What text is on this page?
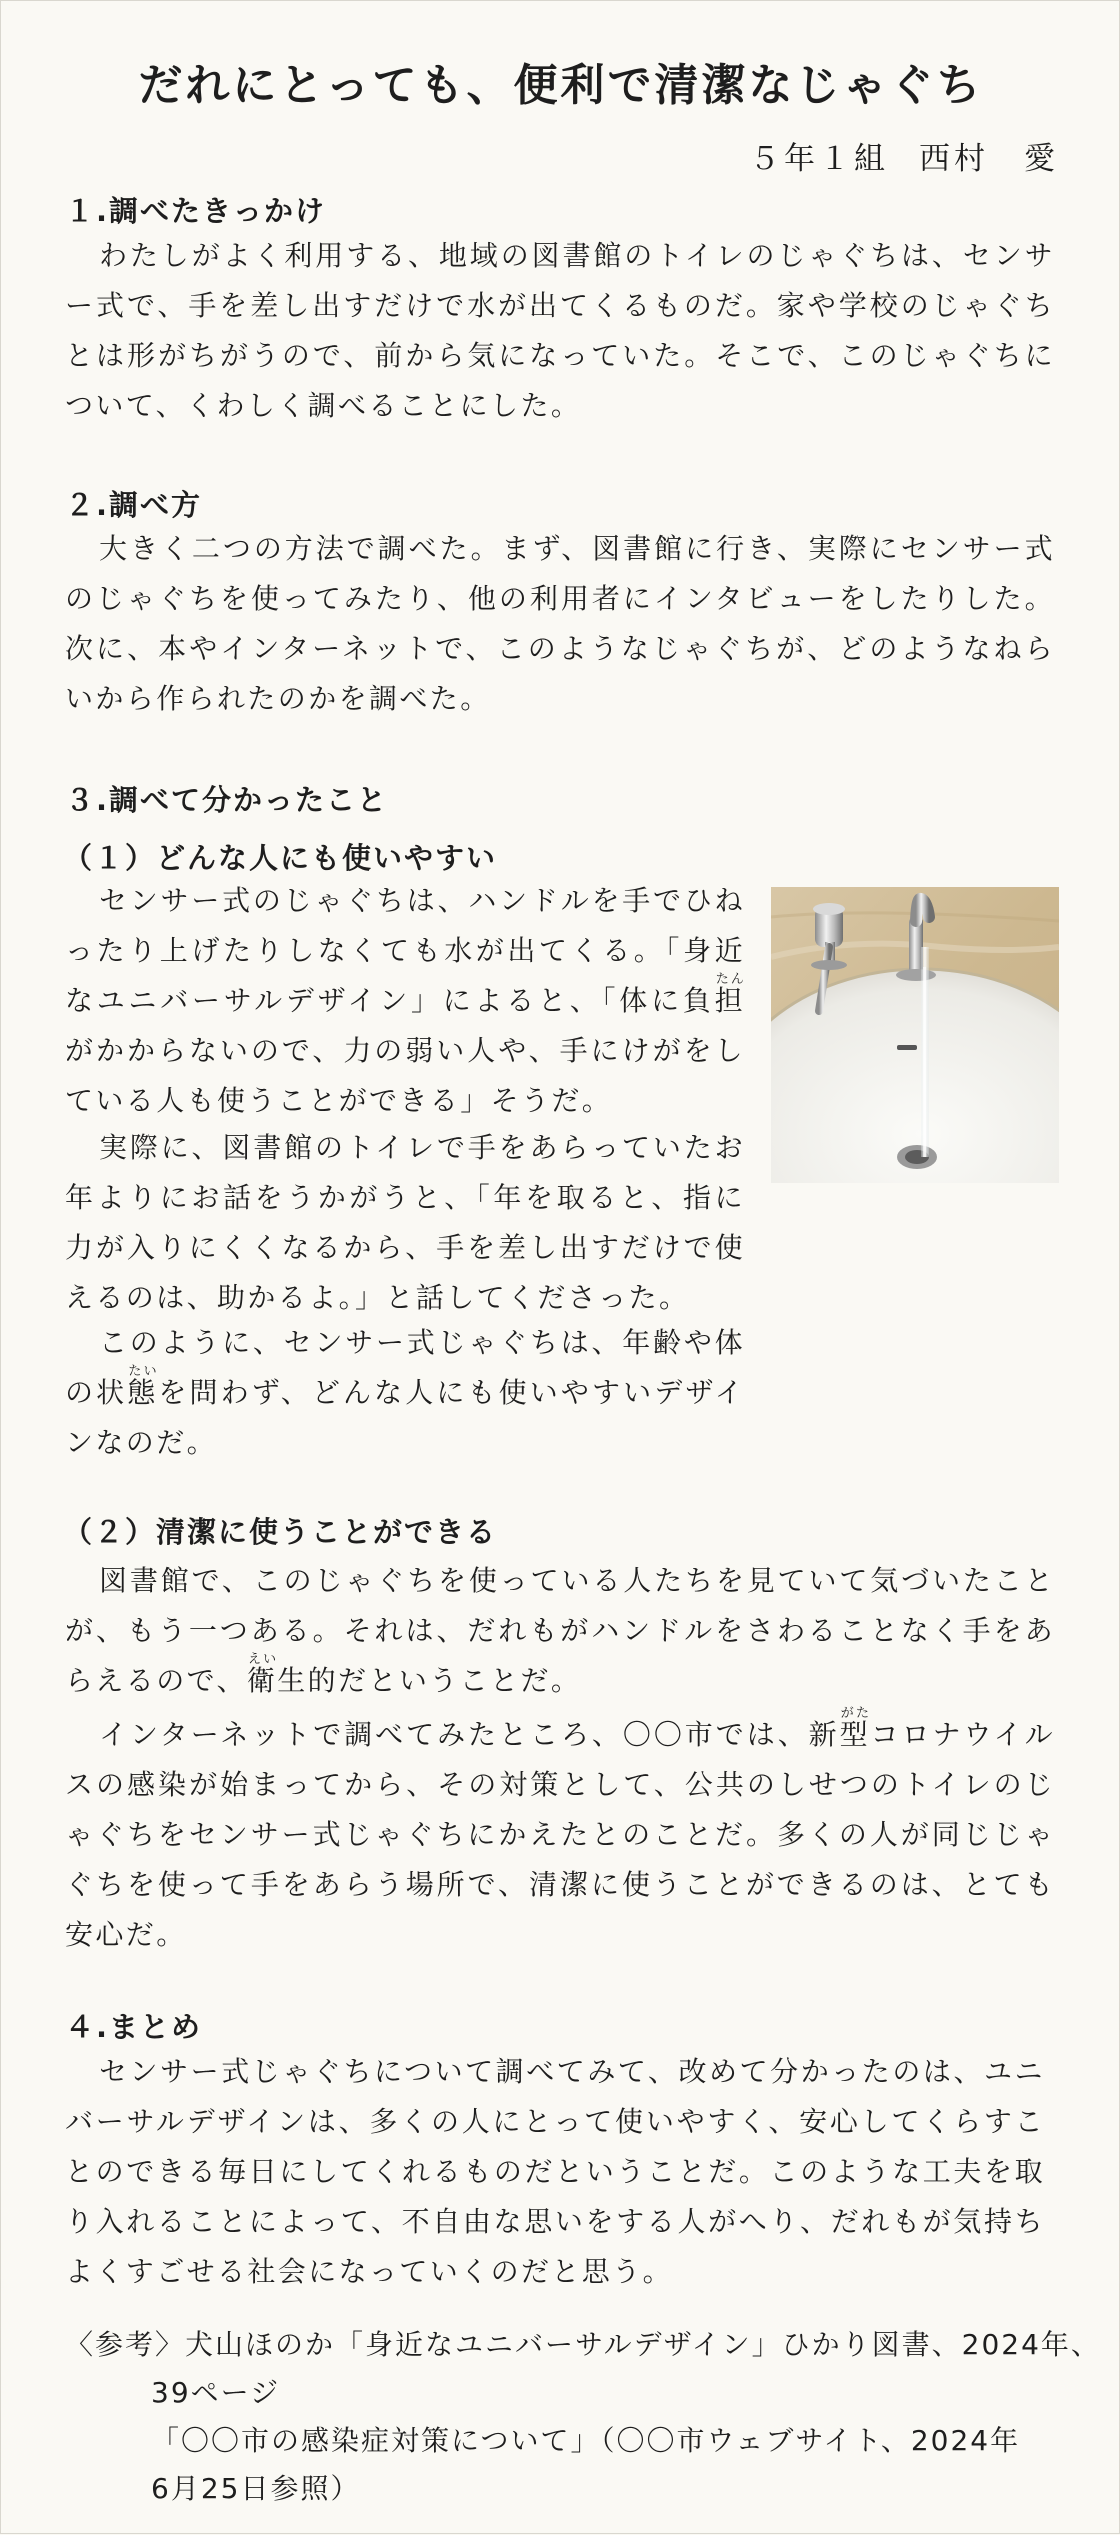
だれにとっても、便利で清潔なじゃぐち
５年１組 西村　愛
１.調べたきっかけ

わたしがよく利用する、地域の図書館のトイレのじゃぐちは、センサー式で、手を差し出すだけで水が出てくるものだ。家や学校のじゃぐちとは形がちがうので、前から気になっていた。そこで、このじゃぐちについて、くわしく調べることにした。

２.調べ方

大きく二つの方法で調べた。まず、図書館に行き、実際にセンサー式のじゃぐちを使ってみたり、他の利用者にインタビューをしたりした。次に、本やインターネットで、このようなじゃぐちが、どのようなねらいから作られたのかを調べた。

３.調べて分かったこと
（１）どんな人にも使いやすい

センサー式のじゃぐちは、ハンドルを手でひねったり上げたりしなくても水が出てくる。「身近なユニバーサルデザイン」によると、「体に負担たんがかからないので、力の弱い人や、手にけがをしている人も使うことができる」そうだ。

実際に、図書館のトイレで手をあらっていたお年よりにお話をうかがうと、「年を取ると、指に力が入りにくくなるから、手を差し出すだけで使えるのは、助かるよ。」と話してくださった。

このように、センサー式じゃぐちは、年齢や体の状態たいを問わず、どんな人にも使いやすいデザインなのだ。

（２）清潔に使うことができる

図書館で、このじゃぐちを使っている人たちを見ていて気づいたことが、もう一つある。それは、だれもがハンドルをさわることなく手をあらえるので、衛えい生的だということだ。

インターネットで調べてみたところ、〇〇市では、新型がたコロナウイルスの感染が始まってから、その対策として、公共のしせつのトイレのじゃぐちをセンサー式じゃぐちにかえたとのことだ。多くの人が同じじゃぐちを使って手をあらう場所で、清潔に使うことができるのは、とても安心だ。

４.まとめ

センサー式じゃぐちについて調べてみて、改めて分かったのは、ユニバーサルデザインは、多くの人にとって使いやすく、安心してくらすことのできる毎日にしてくれるものだということだ。このような工夫を取り入れることによって、不自由な思いをする人がへり、だれもが気持ちよくすごせる社会になっていくのだと思う。

〈参考〉 犬山ほのか「身近なユニバーサルデザイン」ひかり図書、2024年、
39ページ
「〇〇市の感染症対策について」（〇〇市ウェブサイト、2024年
6月25日参照）
